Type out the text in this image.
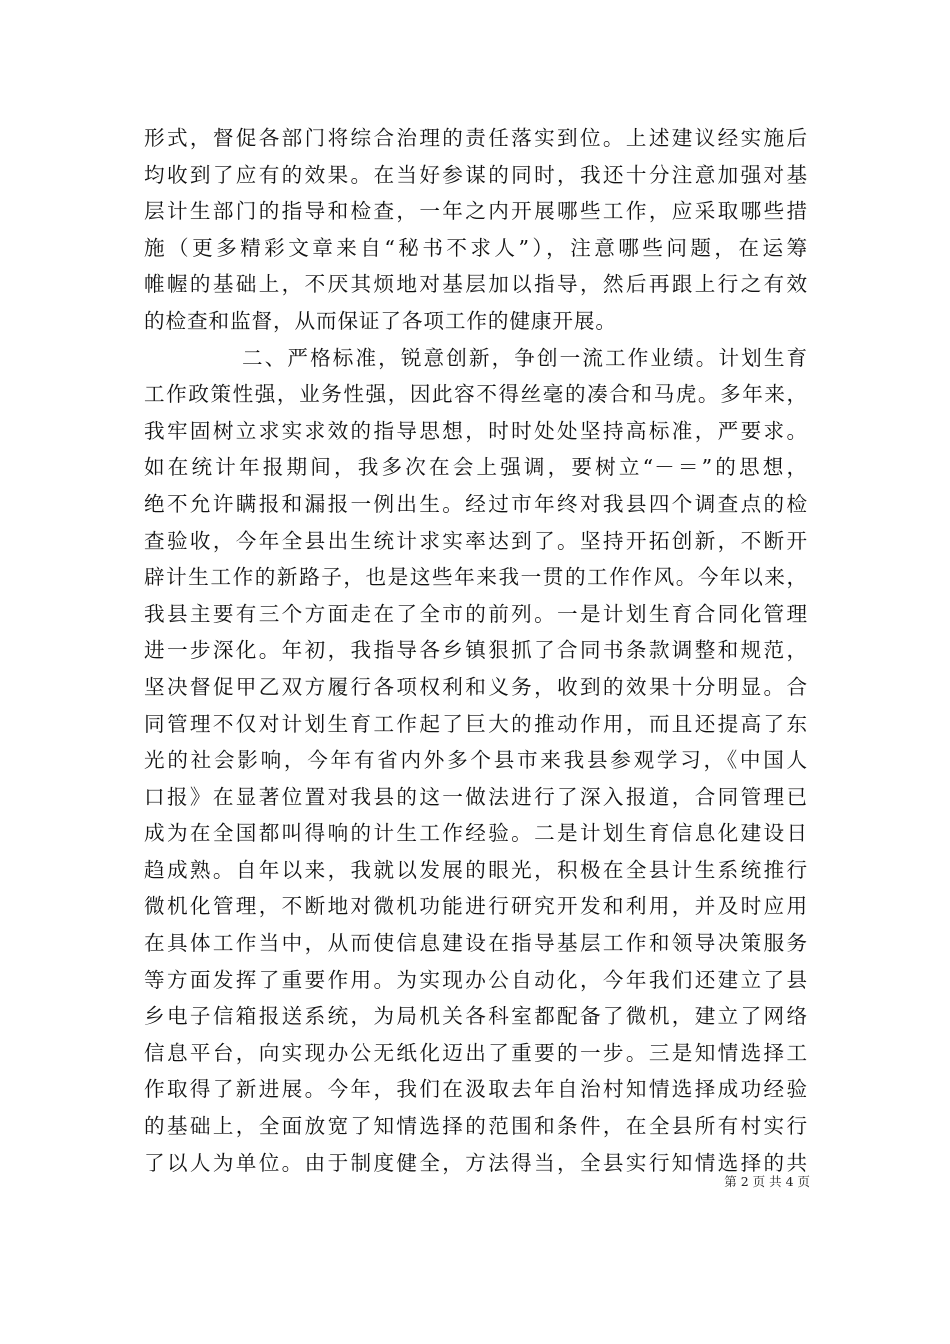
形式，督促各部门将综合治理的责任落实到位。上述建议经实施后
均收到了应有的效果。在当好参谋的同时，我还十分注意加强对基
层计生部门的指导和检查，一年之内开展哪些工作，应采取哪些措
施（更多精彩文章来自“秘书不求人”），注意哪些问题，在运筹
帷幄的基础上，不厌其烦地对基层加以指导，然后再跟上行之有效
的检查和监督，从而保证了各项工作的健康开展。
二、严格标准，锐意创新，争创一流工作业绩。计划生育
工作政策性强，业务性强，因此容不得丝毫的凑合和马虎。多年来，
我牢固树立求实求效的指导思想，时时处处坚持高标准，严要求。
如在统计年报期间，我多次在会上强调，要树立“－＝”的思想，
绝不允许瞒报和漏报一例出生。经过市年终对我县四个调查点的检
查验收，今年全县出生统计求实率达到了。坚持开拓创新，不断开
辟计生工作的新路子，也是这些年来我一贯的工作作风。今年以来，
我县主要有三个方面走在了全市的前列。一是计划生育合同化管理
进一步深化。年初，我指导各乡镇狠抓了合同书条款调整和规范，
坚决督促甲乙双方履行各项权利和义务，收到的效果十分明显。合
同管理不仅对计划生育工作起了巨大的推动作用，而且还提高了东
光的社会影响，今年有省内外多个县市来我县参观学习，《中国人
口报》在显著位置对我县的这一做法进行了深入报道，合同管理已
成为在全国都叫得响的计生工作经验。二是计划生育信息化建设日
趋成熟。自年以来，我就以发展的眼光，积极在全县计生系统推行
微机化管理，不断地对微机功能进行研究开发和利用，并及时应用
在具体工作当中，从而使信息建设在指导基层工作和领导决策服务
等方面发挥了重要作用。为实现办公自动化，今年我们还建立了县
乡电子信箱报送系统，为局机关各科室都配备了微机，建立了网络
信息平台，向实现办公无纸化迈出了重要的一步。三是知情选择工
作取得了新进展。今年，我们在汲取去年自治村知情选择成功经验
的基础上，全面放宽了知情选择的范围和条件，在全县所有村实行
了以人为单位。由于制度健全，方法得当，全县实行知情选择的共
第 2 页 共 4 页
